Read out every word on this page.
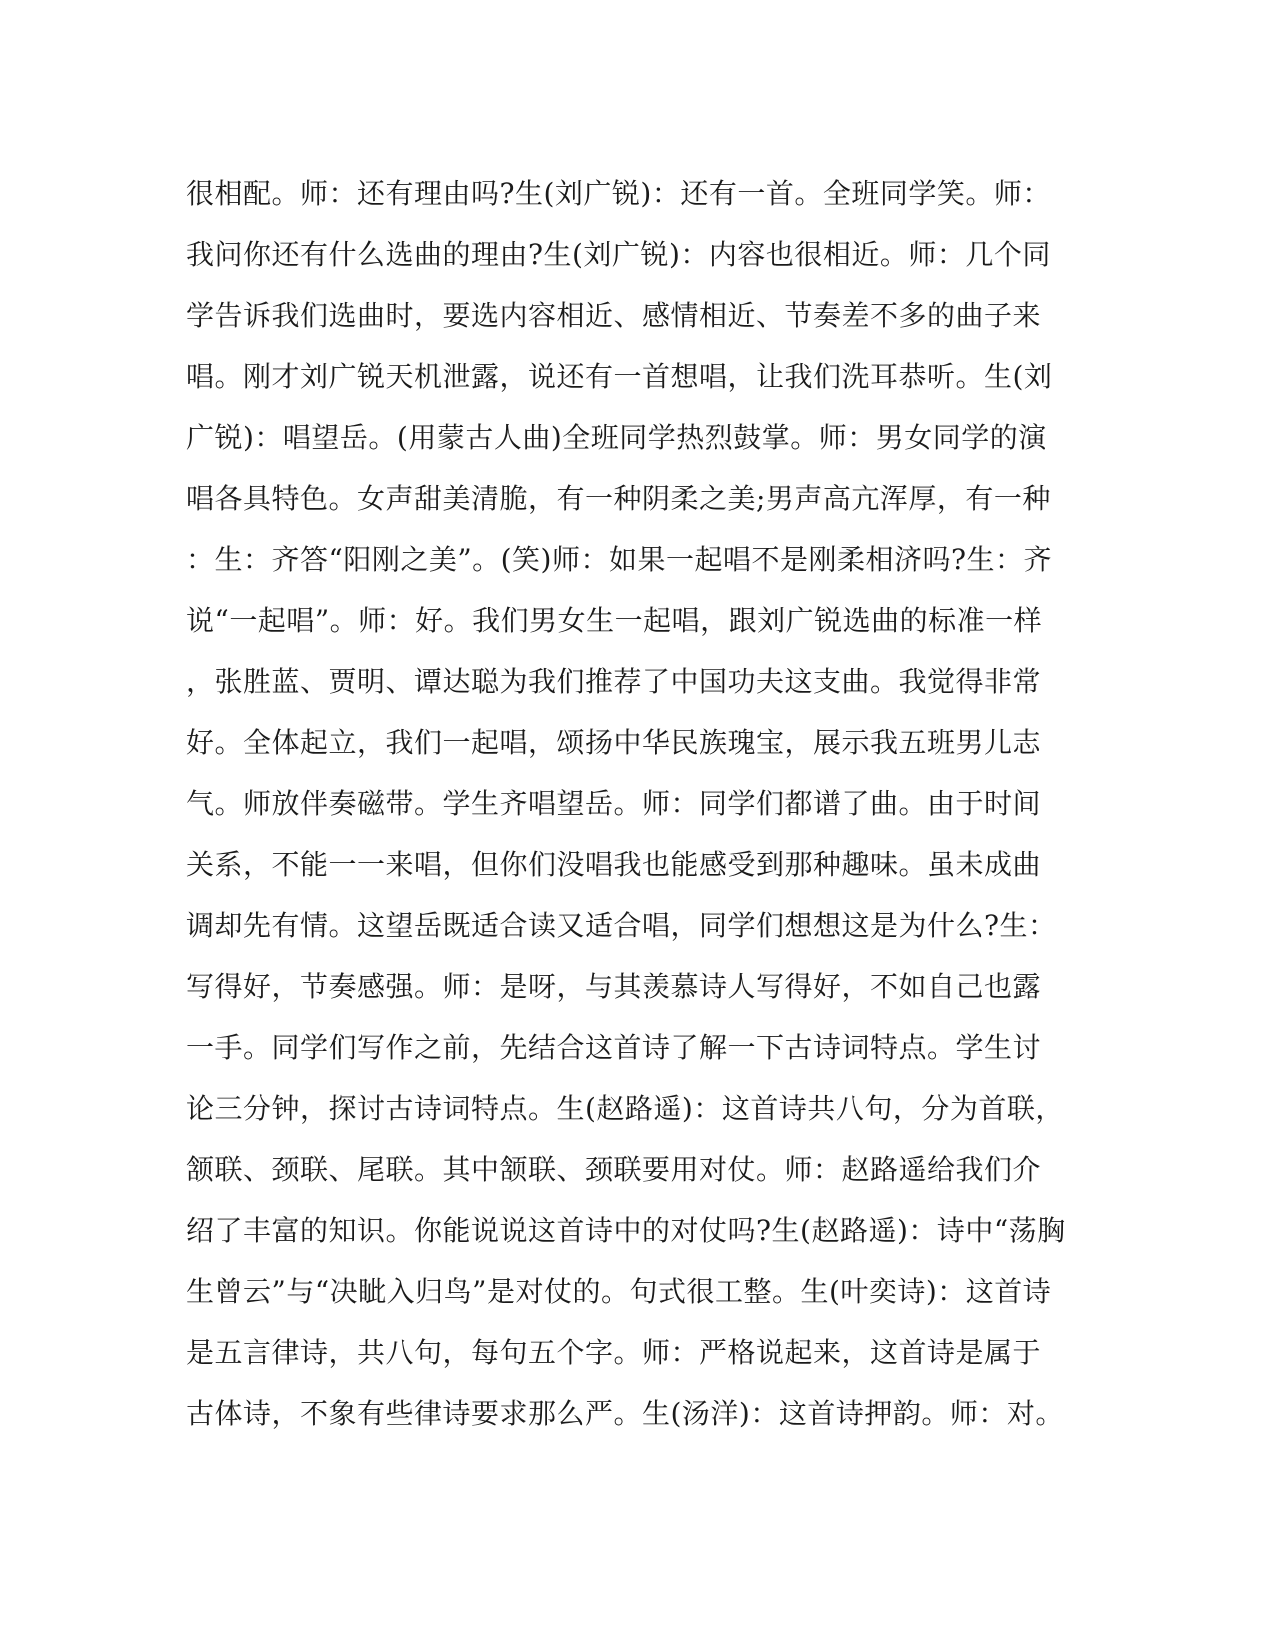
很相配。师：还有理由吗?生(刘广锐)：还有一首。全班同学笑。师：
我问你还有什么选曲的理由?生(刘广锐)：内容也很相近。师：几个同
学告诉我们选曲时，要选内容相近、感情相近、节奏差不多的曲子来
唱。刚才刘广锐天机泄露，说还有一首想唱，让我们洗耳恭听。生(刘
广锐)：唱望岳。(用蒙古人曲)全班同学热烈鼓掌。师：男女同学的演
唱各具特色。女声甜美清脆，有一种阴柔之美;男声高亢浑厚，有一种
：生：齐答“阳刚之美”。(笑)师：如果一起唱不是刚柔相济吗?生：齐
说“一起唱”。师：好。我们男女生一起唱，跟刘广锐选曲的标准一样
，张胜蓝、贾明、谭达聪为我们推荐了中国功夫这支曲。我觉得非常
好。全体起立，我们一起唱，颂扬中华民族瑰宝，展示我五班男儿志
气。师放伴奏磁带。学生齐唱望岳。师：同学们都谱了曲。由于时间
关系，不能一一来唱，但你们没唱我也能感受到那种趣味。虽未成曲
调却先有情。这望岳既适合读又适合唱，同学们想想这是为什么?生：
写得好，节奏感强。师：是呀，与其羡慕诗人写得好，不如自己也露
一手。同学们写作之前，先结合这首诗了解一下古诗词特点。学生讨
论三分钟，探讨古诗词特点。生(赵路遥)：这首诗共八句，分为首联，
颔联、颈联、尾联。其中颔联、颈联要用对仗。师：赵路遥给我们介
绍了丰富的知识。你能说说这首诗中的对仗吗?生(赵路遥)：诗中“荡胸
生曾云”与“决眦入归鸟”是对仗的。句式很工整。生(叶奕诗)：这首诗
是五言律诗，共八句，每句五个字。师：严格说起来，这首诗是属于
古体诗，不象有些律诗要求那么严。生(汤洋)：这首诗押韵。师：对。
